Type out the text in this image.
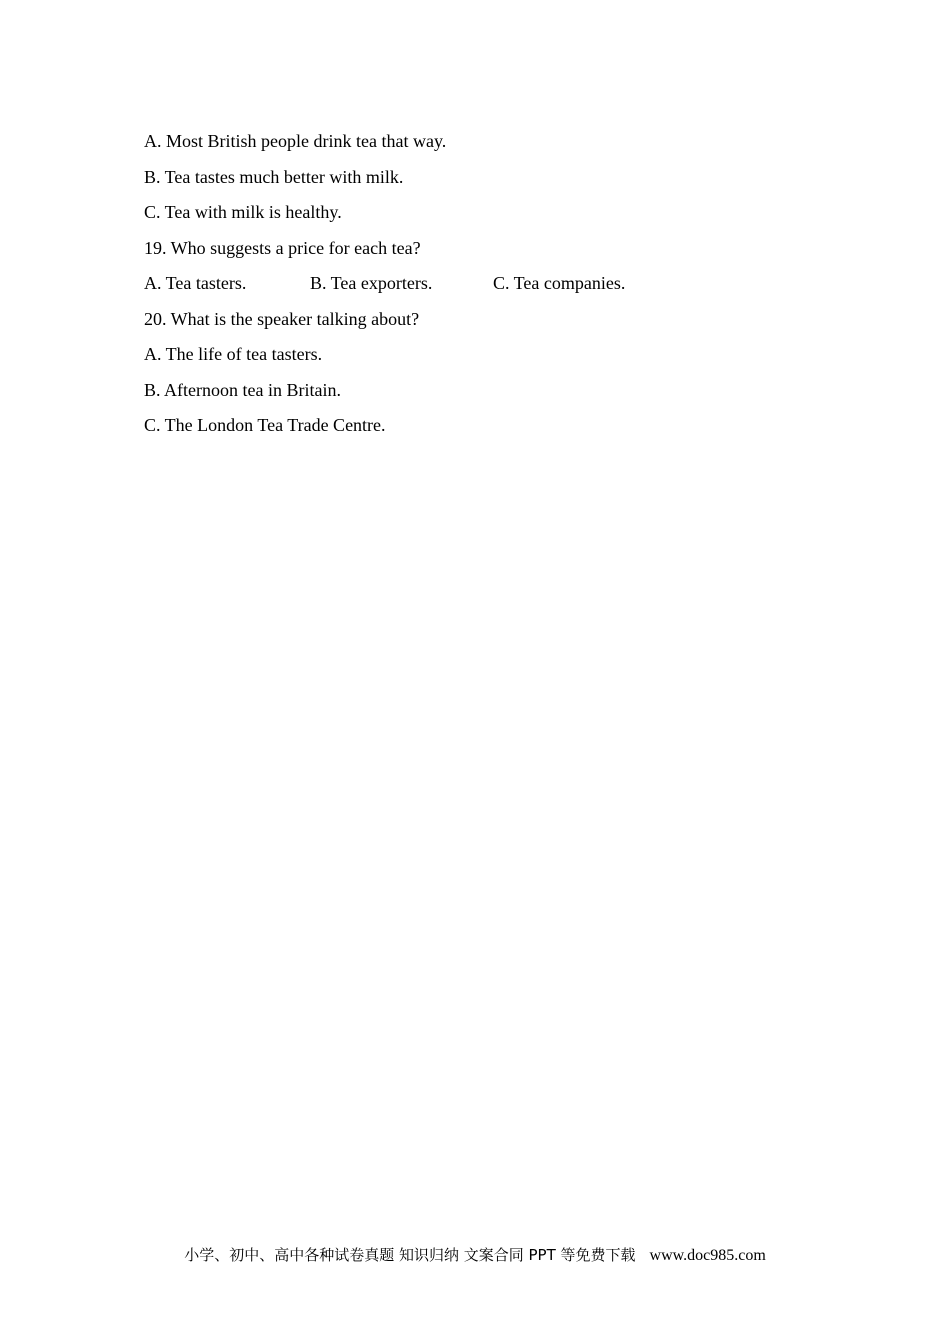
A. Most British people drink tea that way.
B. Tea tastes much better with milk.
C. Tea with milk is healthy.
19. Who suggests a price for each tea?
A. Tea tasters.	B. Tea exporters.	C. Tea companies.
20. What is the speaker talking about?
A. The life of tea tasters.
B. Afternoon tea in Britain.
C. The London Tea Trade Centre.
小学、初中、高中各种试卷真题 知识归纳 文案合同 PPT 等免费下载 www.doc985.com
